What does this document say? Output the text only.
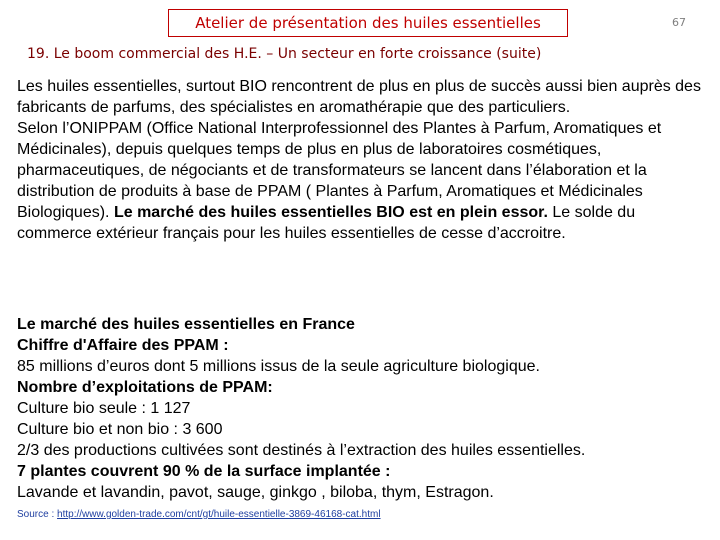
Atelier de présentation des huiles essentielles	67
19. Le boom commercial des H.E. – Un secteur en forte croissance (suite)
Les huiles essentielles, surtout BIO rencontrent de plus en plus de succès aussi bien auprès des fabricants de parfums, des spécialistes en aromathérapie que des particuliers.
Selon l’ONIPPAM (Office National Interprofessionnel des Plantes à Parfum, Aromatiques et Médicinales), depuis quelques temps de plus en plus de laboratoires cosmétiques, pharmaceutiques, de négociants et de transformateurs se lancent dans l’élaboration et la distribution de produits à base de PPAM ( Plantes à Parfum, Aromatiques et Médicinales Biologiques). Le marché des huiles essentielles BIO est en plein essor. Le solde du commerce extérieur français pour les huiles essentielles de cesse d’accroitre.
Le marché des huiles essentielles en France
Chiffre d'Affaire des PPAM :
85 millions d’euros dont 5 millions issus de la seule agriculture biologique.
Nombre d’exploitations de PPAM:
Culture bio seule : 1 127
Culture bio et non bio : 3 600
2/3 des productions cultivées sont destinés à l’extraction des huiles essentielles.
7 plantes couvrent 90 % de la surface implantée :
Lavande et lavandin, pavot, sauge, ginkgo , biloba, thym, Estragon.
Source : http://www.golden-trade.com/cnt/gt/huile-essentielle-3869-46168-cat.html
